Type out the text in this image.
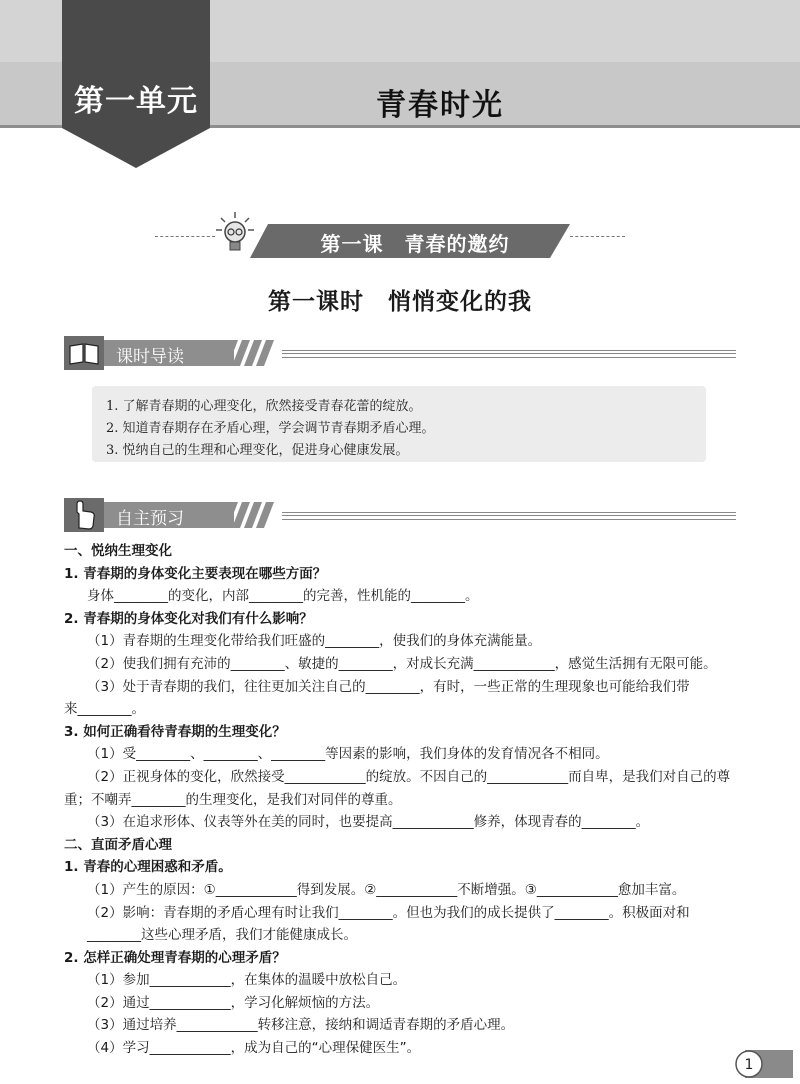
第一单元	青春时光
第一课　青春的邀约
第一课时　悄悄变化的我
课时导读
1. 了解青春期的心理变化，欣然接受青春花蕾的绽放。
2. 知道青春期存在矛盾心理，学会调节青春期矛盾心理。
3. 悦纳自己的生理和心理变化，促进身心健康发展。
自主预习
一、悦纳生理变化
1. 青春期的身体变化主要表现在哪些方面？
身体________的变化，内部________的完善，性机能的________。
2. 青春期的身体变化对我们有什么影响？
（1）青春期的生理变化带给我们旺盛的________，使我们的身体充满能量。
（2）使我们拥有充沛的________、敏捷的________，对成长充满____________，感觉生活拥有无限可能。
（3）处于青春期的我们，往往更加关注自己的________，有时，一些正常的生理现象也可能给我们带
来________。
3. 如何正确看待青春期的生理变化？
（1）受________、________、________等因素的影响，我们身体的发育情况各不相同。
（2）正视身体的变化，欣然接受____________的绽放。不因自己的____________而自卑，是我们对自己的尊
重；不嘲弄________的生理变化，是我们对同伴的尊重。
（3）在追求形体、仪表等外在美的同时，也要提高____________修养，体现青春的________。
二、直面矛盾心理
1. 青春的心理困惑和矛盾。
（1）产生的原因：①____________得到发展。②____________不断增强。③____________愈加丰富。
（2）影响：青春期的矛盾心理有时让我们________。但也为我们的成长提供了________。积极面对和
________这些心理矛盾，我们才能健康成长。
2. 怎样正确处理青春期的心理矛盾？
（1）参加____________，在集体的温暖中放松自己。
（2）通过____________，学习化解烦恼的方法。
（3）通过培养____________转移注意，接纳和调适青春期的矛盾心理。
（4）学习____________，成为自己的“心理保健医生”。
1
